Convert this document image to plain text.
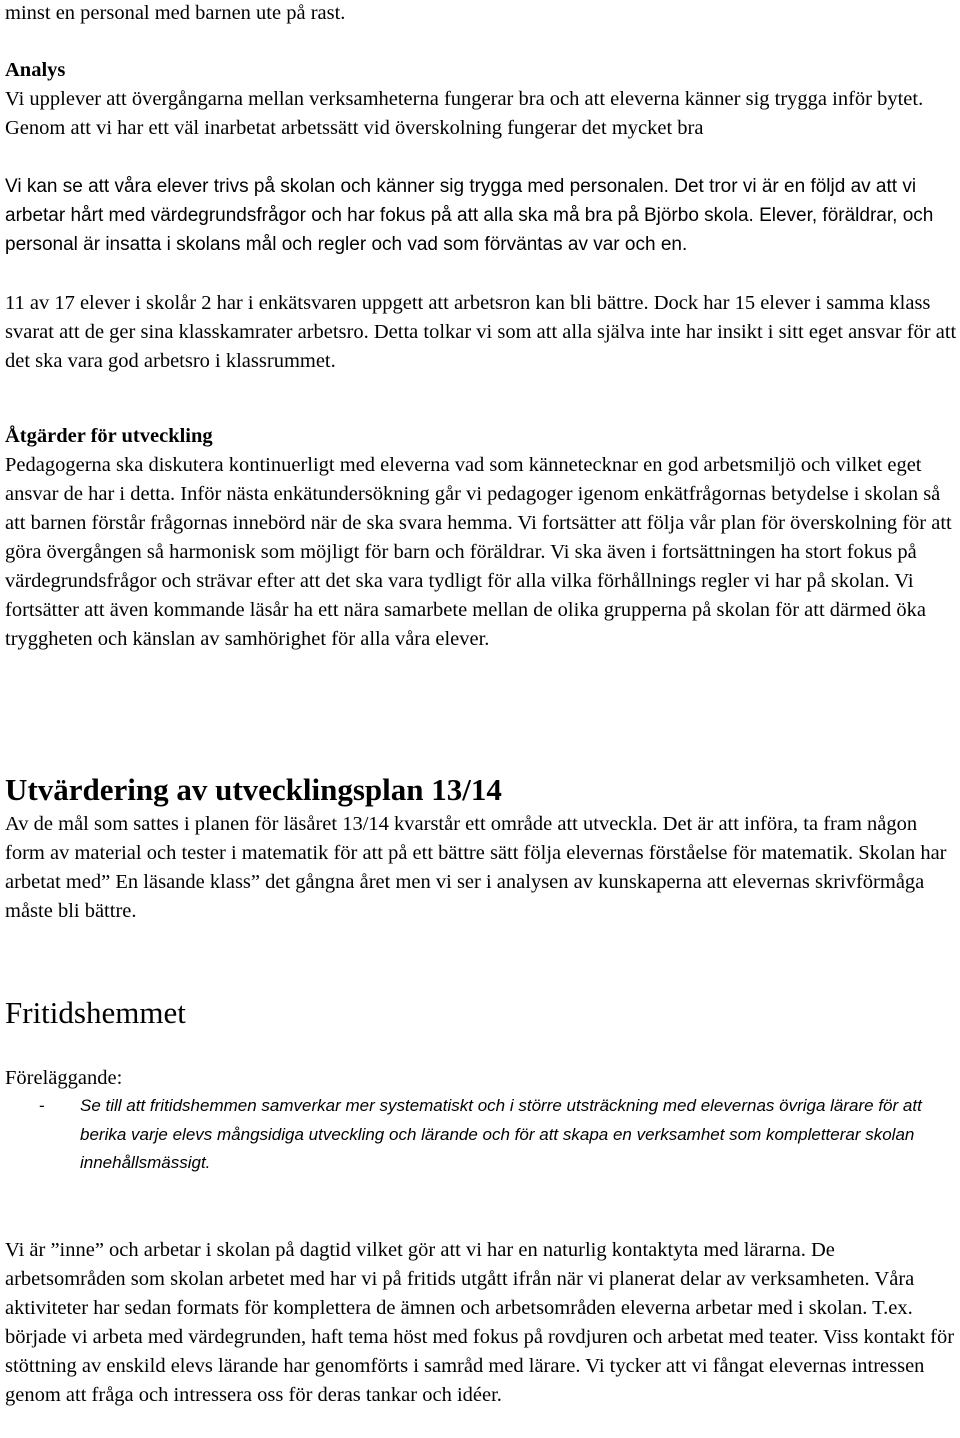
minst en personal med barnen ute på rast.

Analys

Vi upplever att övergångarna mellan verksamheterna fungerar bra och att eleverna känner sig trygga inför bytet. Genom att vi har ett väl inarbetat arbetssätt vid överskolning fungerar det mycket bra

Vi kan se att våra elever trivs på skolan och känner sig trygga med personalen. Det tror vi är en följd av att vi arbetar hårt med värdegrundsfrågor och har fokus på att alla ska må bra på Björbo skola. Elever, föräldrar, och personal är insatta i skolans mål och regler och vad som förväntas av var och en.

11 av 17 elever i skolår 2 har i enkätsvaren uppgett att arbetsron kan bli bättre. Dock har 15 elever i samma klass svarat att de ger sina klasskamrater arbetsro. Detta tolkar vi som att alla själva inte har insikt i sitt eget ansvar för att det ska vara god arbetsro i klassrummet.

Åtgärder för utveckling

Pedagogerna ska diskutera kontinuerligt med eleverna vad som kännetecknar en god arbetsmiljö och vilket eget ansvar de har i detta. Inför nästa enkätundersökning går vi pedagoger igenom enkätfrågornas betydelse i skolan så att barnen förstår frågornas innebörd när de ska svara hemma. Vi fortsätter att följa vår plan för överskolning för att göra övergången så harmonisk som möjligt för barn och föräldrar. Vi ska även i fortsättningen ha stort fokus på värdegrundsfrågor och strävar efter att det ska vara tydligt för alla vilka förhållnings regler vi har på skolan. Vi fortsätter att även kommande läsår ha ett nära samarbete mellan de olika grupperna på skolan för att därmed öka tryggheten och känslan av samhörighet för alla våra elever.

Utvärdering av utvecklingsplan 13/14

Av de mål som sattes i planen för läsåret 13/14 kvarstår ett område att utveckla. Det är att införa, ta fram någon form av material och tester i matematik för att på ett bättre sätt följa elevernas förståelse för matematik. Skolan har arbetat med” En läsande klass” det gångna året men vi ser i analysen av kunskaperna att elevernas skrivförmåga måste bli bättre.

Fritidshemmet
Föreläggande:
- Se till att fritidshemmen samverkar mer systematiskt och i större utsträckning med elevernas övriga lärare för att berika varje elevs mångsidiga utveckling och lärande och för att skapa en verksamhet som kompletterar skolan innehållsmässigt.

Vi är ”inne” och arbetar i skolan på dagtid vilket gör att vi har en naturlig kontaktyta med lärarna. De arbetsområden som skolan arbetet med har vi på fritids utgått ifrån när vi planerat delar av verksamheten. Våra aktiviteter har sedan formats för komplettera de ämnen och arbetsområden eleverna arbetar med i skolan. T.ex. började vi arbeta med värdegrunden, haft tema höst med fokus på rovdjuren och arbetat med teater. Viss kontakt för stöttning av enskild elevs lärande har genomförts i samråd med lärare. Vi tycker att vi fångat elevernas intressen genom att fråga och intressera oss för deras tankar och idéer.
